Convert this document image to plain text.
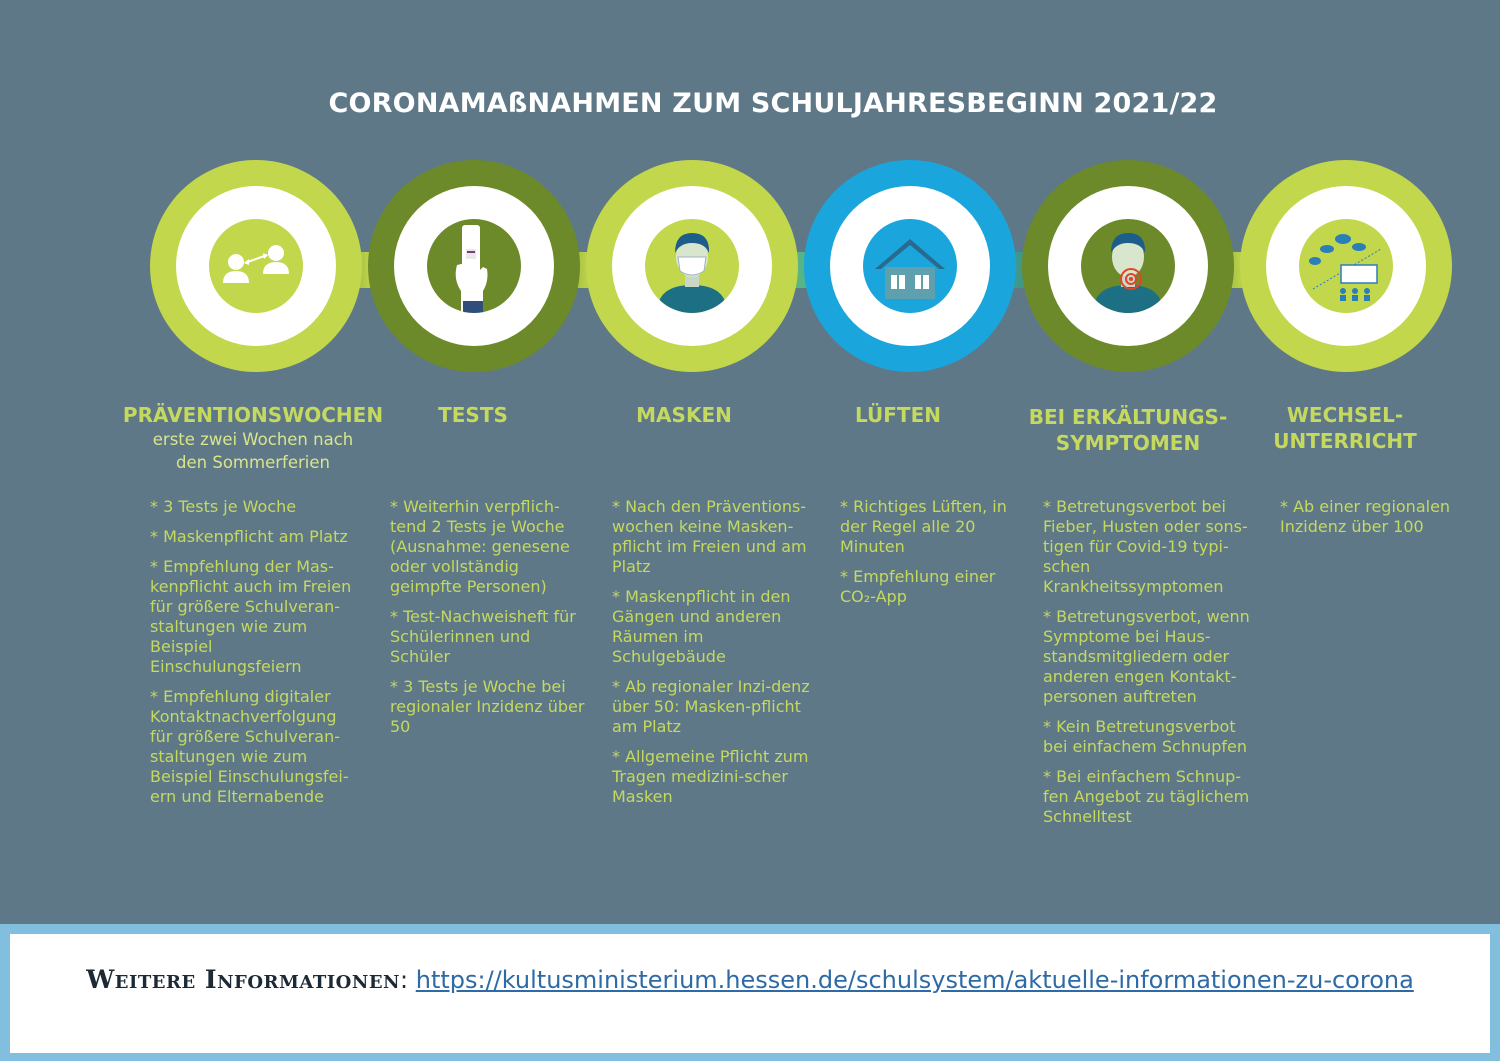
CORONAMAßNAHMEN ZUM SCHULJAHRESBEGINN 2021/22
PRÄVENTIONSWOCHEN
erste zwei Wochen nach den Sommerferien
TESTS	MASKEN	LÜFTEN	BEI ERKÄLTUNGS-SYMPTOMEN
WECHSEL-UNTERRICHT
* 3 Tests je Woche
* Maskenpflicht am Platz
* Empfehlung der Mas-kenpflicht auch im Freien für größere Schulveran-staltungen wie zum Beispiel Einschulungsfeiern
* Empfehlung digitaler Kontaktnachverfolgung für größere Schulveran-staltungen wie zum Beispiel Einschulungsfei-ern und Elternabende
* Weiterhin verpflich-tend 2 Tests je Woche (Ausnahme: genesene oder vollständig geimpfte Personen)
* Test-Nachweisheft für Schülerinnen und Schüler
* 3 Tests je Woche bei regionaler Inzidenz über 50
* Nach den Präventions-wochen keine Masken-pflicht im Freien und am Platz
* Maskenpflicht in den Gängen und anderen Räumen im Schulgebäude
* Ab regionaler Inzi-denz über 50: Masken-pflicht am Platz
* Allgemeine Pflicht zum Tragen medizini-scher Masken
* Richtiges Lüften, in der Regel alle 20 Minuten
* Empfehlung einer CO₂-App
* Betretungsverbot bei Fieber, Husten oder sons-tigen für Covid-19 typi-schen Krankheitssymptomen
* Betretungsverbot, wenn Symptome bei Haus-standsmitgliedern oder anderen engen Kontakt-personen auftreten
* Kein Betretungsverbot bei einfachem Schnupfen
* Bei einfachem Schnup-fen Angebot zu täglichem Schnelltest
* Ab einer regionalen Inzidenz über 100
Weitere Informationen: https://kultusministerium.hessen.de/schulsystem/aktuelle-informationen-zu-corona
